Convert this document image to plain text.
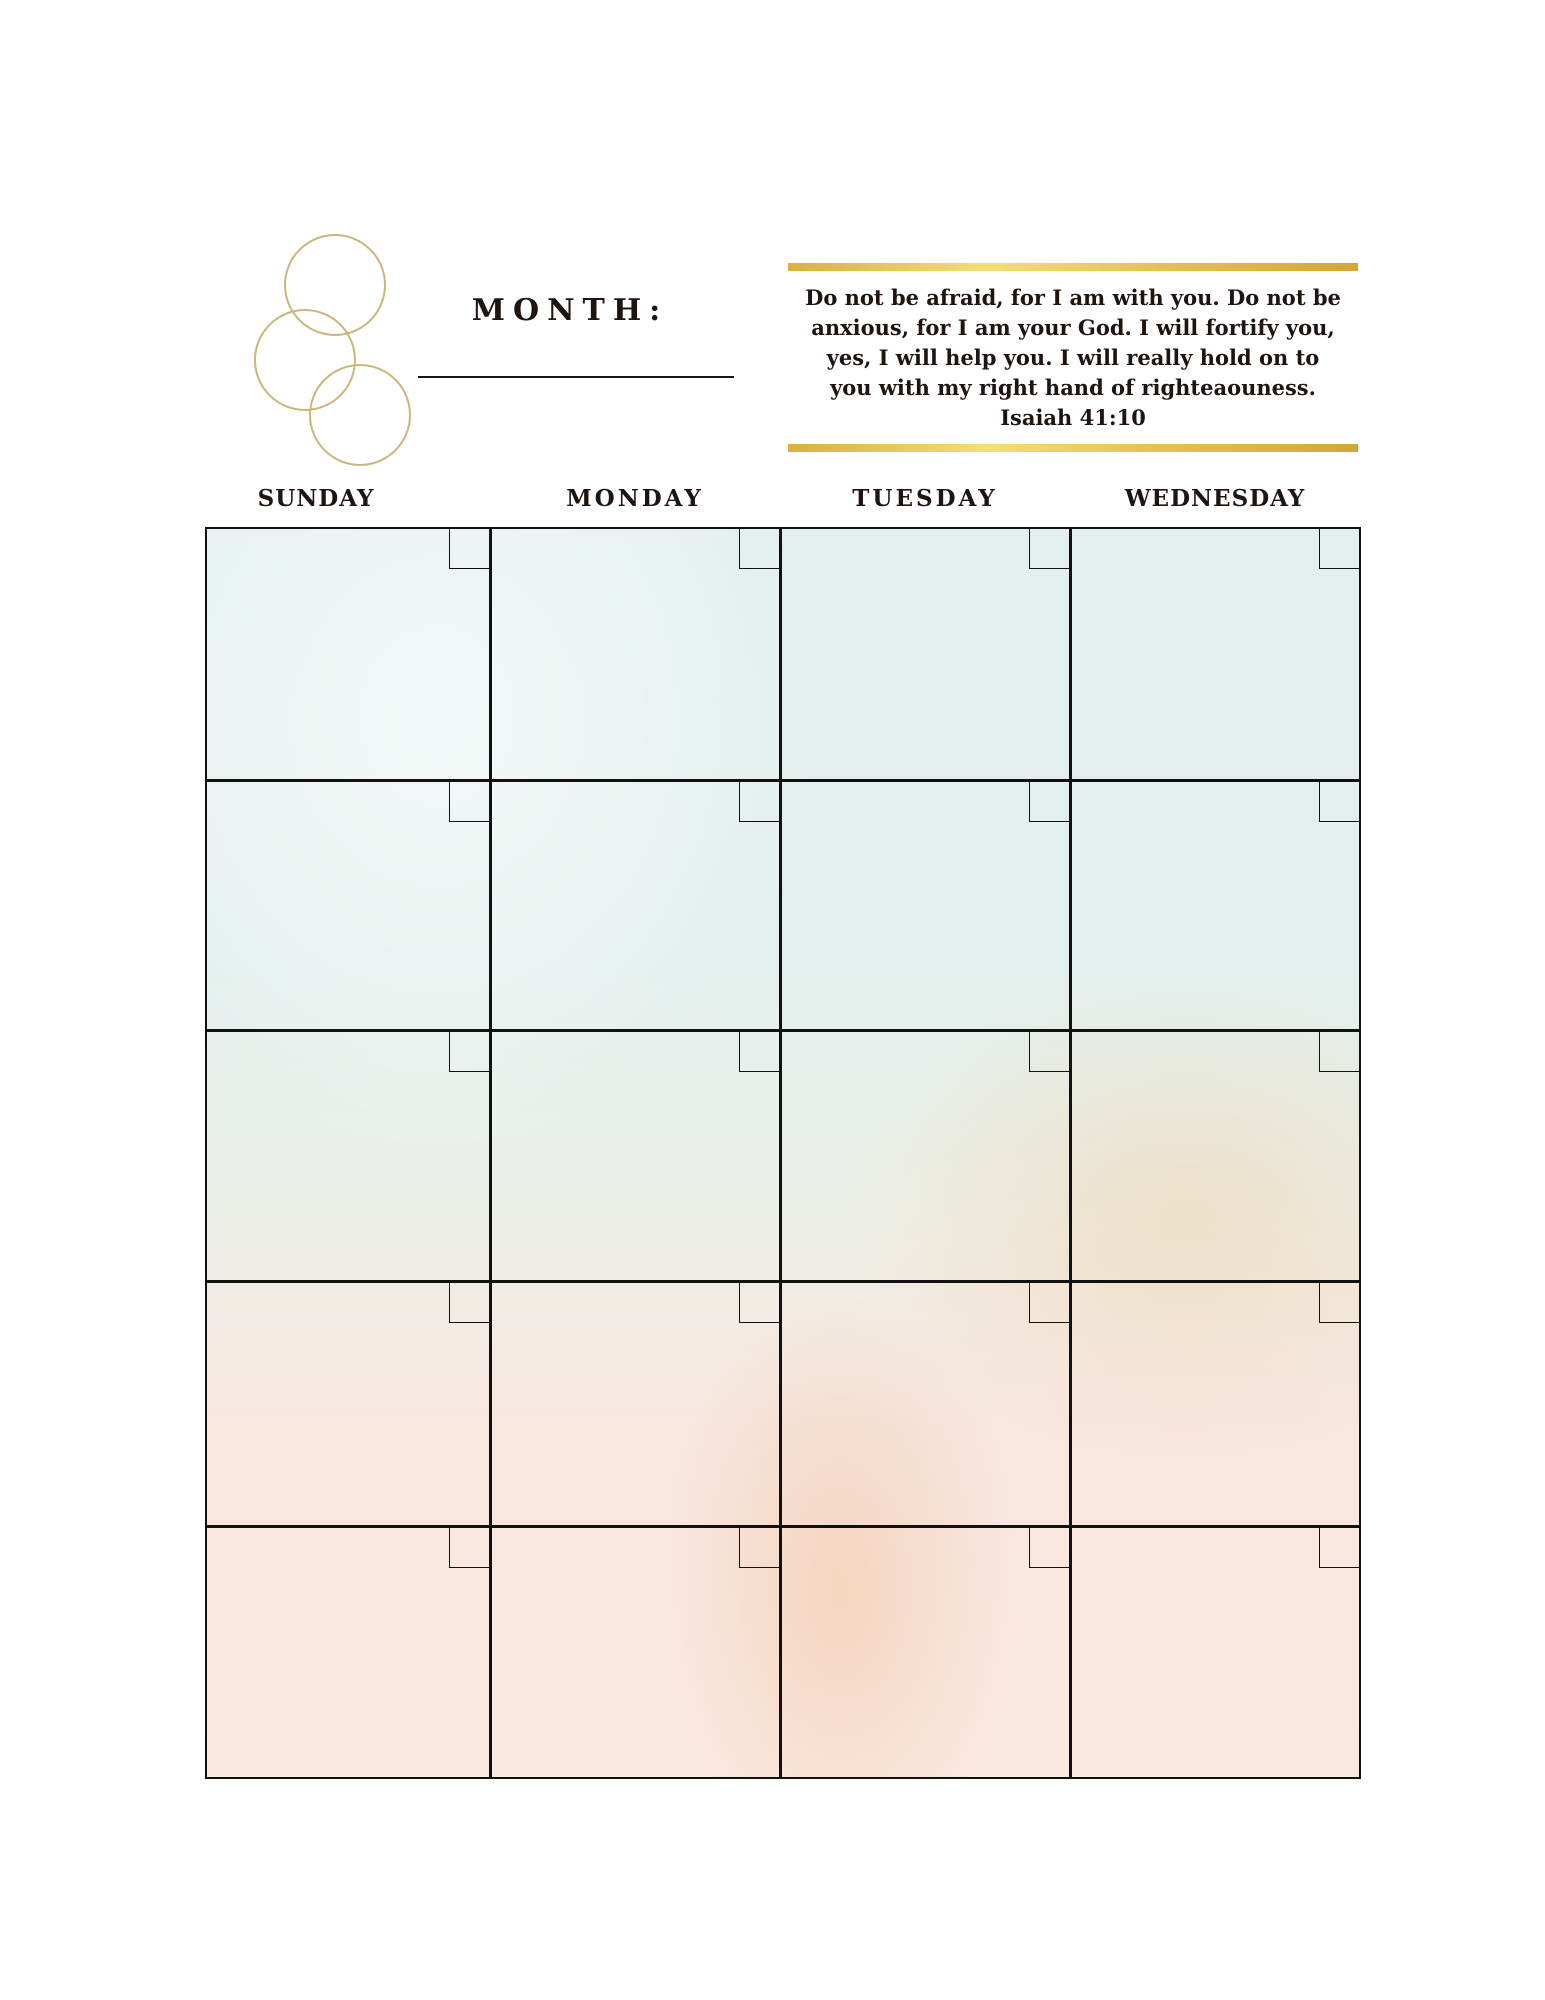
MONTH:	Do not be afraid, for I am with you. Do not be
anxious, for I am your God. I will fortify you,
yes, I will help you. I will really hold on to
you with my right hand of righteaouness.
Isaiah 41:10
SUNDAY	MONDAY	TUESDAY	WEDNESDAY
